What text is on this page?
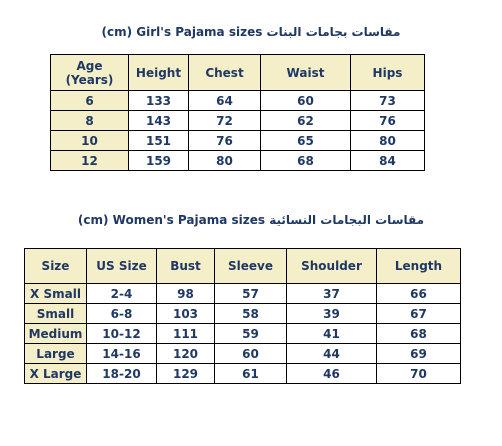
(cm) Girl's Pajama sizes مقاسات بجامات البنات
Age (Years)	Height	Chest	Waist	Hips
6	133	64	60	73
8	143	72	62	76
10	151	76	65	80
12	159	80	68	84
(cm) Women's Pajama sizes مقاسات البجامات النسائية
Size	US Size	Bust	Sleeve	Shoulder	Length
X Small	2-4	98	57	37	66
Small	6-8	103	58	39	67
Medium	10-12	111	59	41	68
Large	14-16	120	60	44	69
X Large	18-20	129	61	46	70
